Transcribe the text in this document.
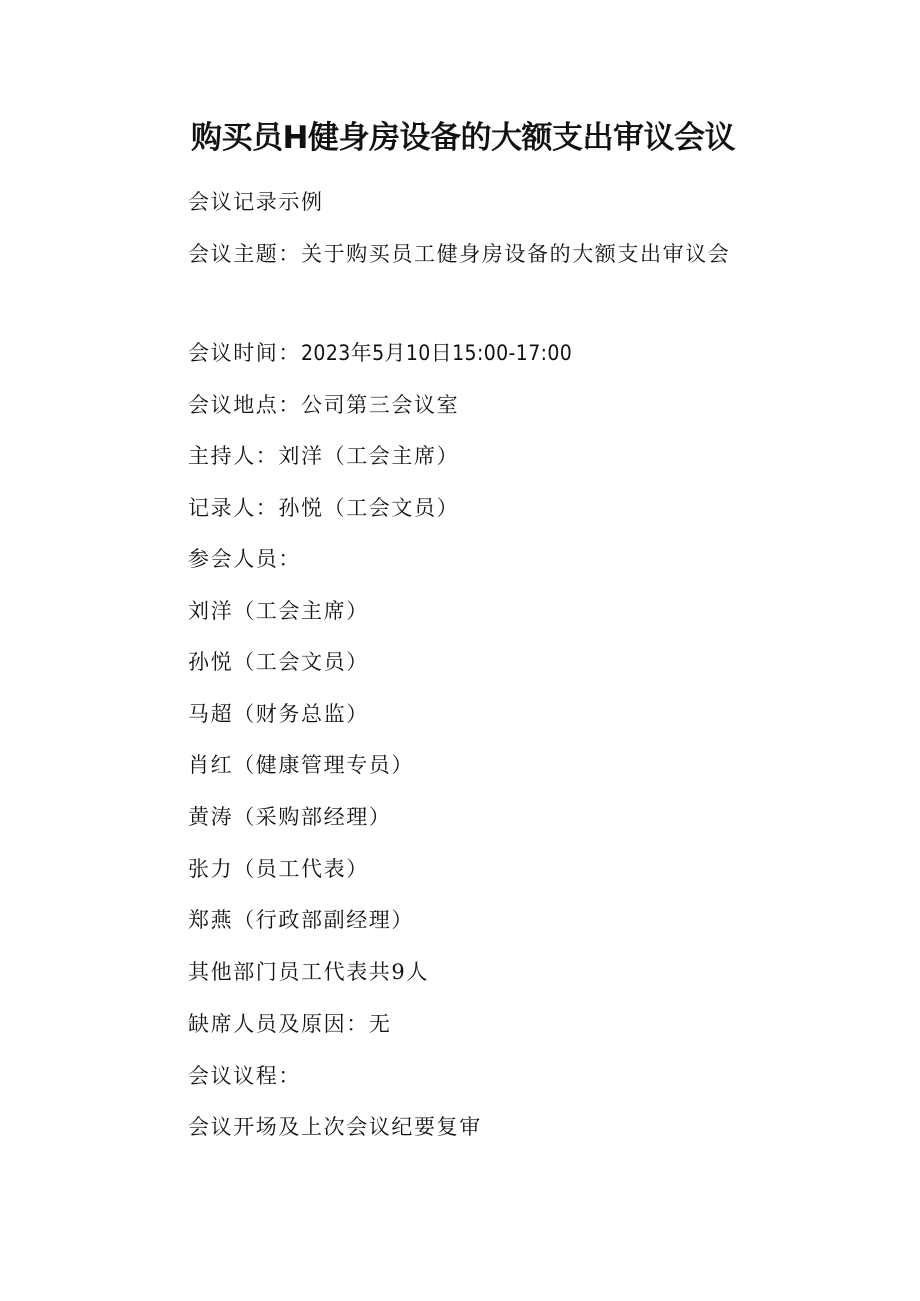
购买员H健身房设备的大额支出审议会议

会议记录示例

会议主题：关于购买员工健身房设备的大额支出审议会

会议时间：2023年5月10日15:00-17:00

会议地点：公司第三会议室

主持人：刘洋（工会主席）

记录人：孙悦（工会文员）

参会人员：

刘洋（工会主席）

孙悦（工会文员）

马超（财务总监）

肖红（健康管理专员）

黄涛（采购部经理）

张力（员工代表）

郑燕（行政部副经理）

其他部门员工代表共9人

缺席人员及原因：无

会议议程：

会议开场及上次会议纪要复审
